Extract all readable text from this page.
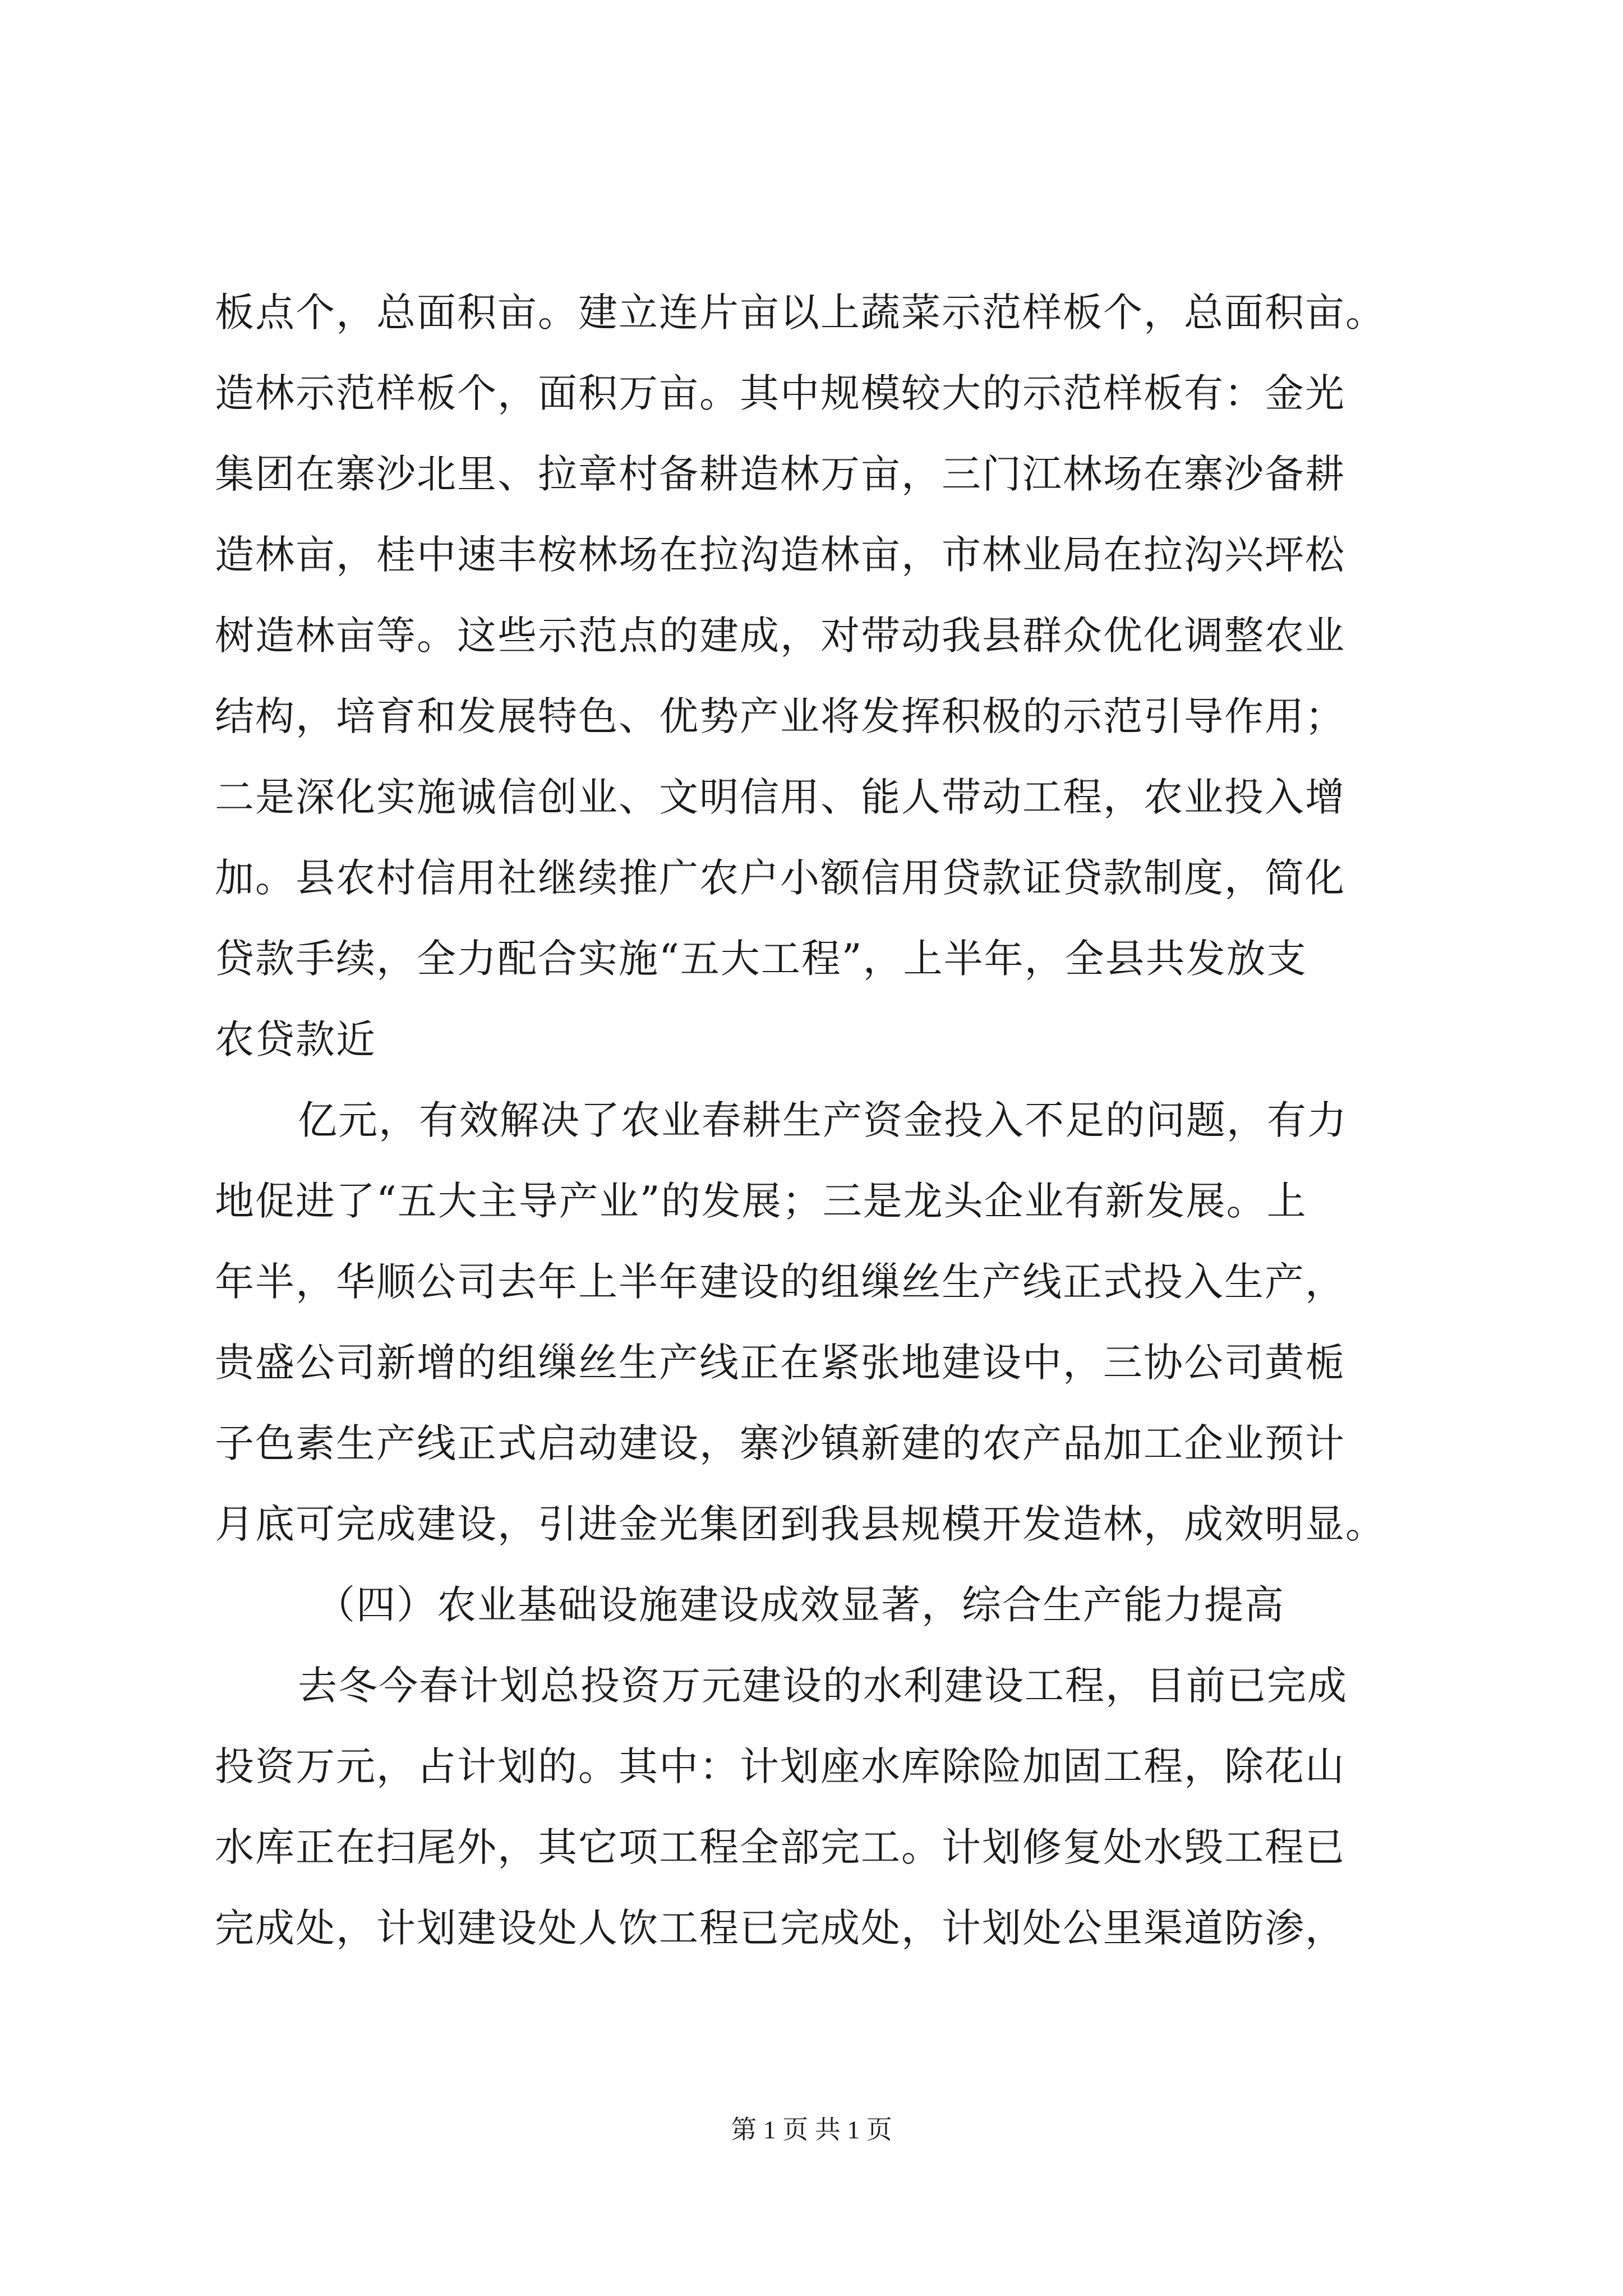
板点个，总面积亩。建立连片亩以上蔬菜示范样板个，总面积亩。
造林示范样板个，面积万亩。其中规模较大的示范样板有：金光
集团在寨沙北里、拉章村备耕造林万亩，三门江林场在寨沙备耕
造林亩，桂中速丰桉林场在拉沟造林亩，市林业局在拉沟兴坪松
树造林亩等。这些示范点的建成，对带动我县群众优化调整农业
结构，培育和发展特色、优势产业将发挥积极的示范引导作用；
二是深化实施诚信创业、文明信用、能人带动工程，农业投入增
加。县农村信用社继续推广农户小额信用贷款证贷款制度，简化
贷款手续，全力配合实施“五大工程”，上半年，全县共发放支
农贷款近
亿元，有效解决了农业春耕生产资金投入不足的问题，有力
地促进了“五大主导产业”的发展；三是龙头企业有新发展。上
年半，华顺公司去年上半年建设的组缫丝生产线正式投入生产，
贵盛公司新增的组缫丝生产线正在紧张地建设中，三协公司黄栀
子色素生产线正式启动建设，寨沙镇新建的农产品加工企业预计
月底可完成建设，引进金光集团到我县规模开发造林，成效明显。
（四）农业基础设施建设成效显著，综合生产能力提高
去冬今春计划总投资万元建设的水利建设工程，目前已完成
投资万元，占计划的。其中：计划座水库除险加固工程，除花山
水库正在扫尾外，其它项工程全部完工。计划修复处水毁工程已
完成处，计划建设处人饮工程已完成处，计划处公里渠道防渗，
第 1 页 共 1 页
